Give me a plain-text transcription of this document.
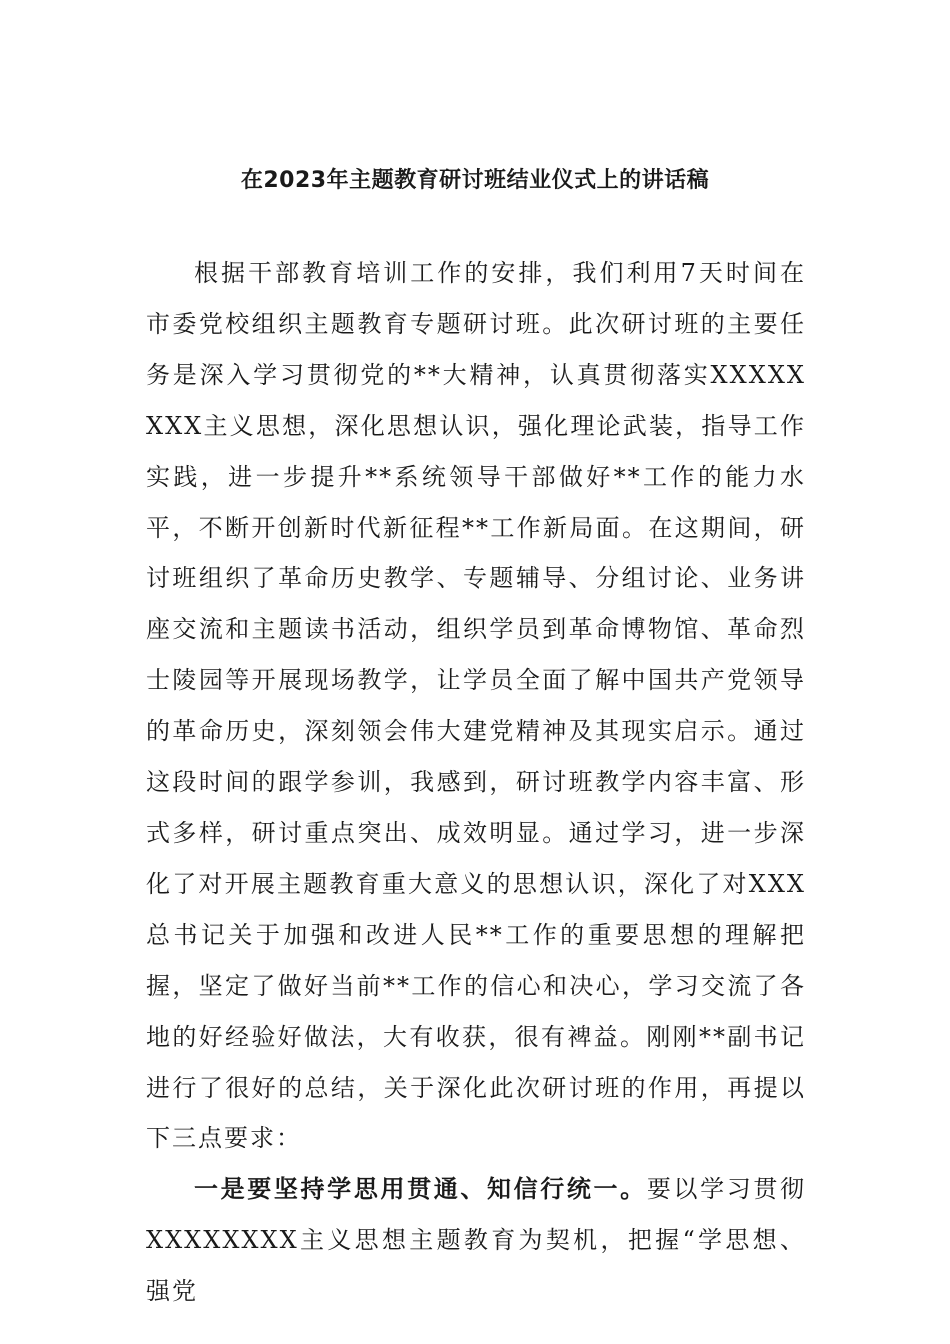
在2023年主题教育研讨班结业仪式上的讲话稿

根据干部教育培训工作的安排，我们利用7天时间在市委党校组织主题教育专题研讨班。此次研讨班的主要任务是深入学习贯彻党的**大精神，认真贯彻落实XXXXXXXX主义思想，深化思想认识，强化理论武装，指导工作实践，进一步提升**系统领导干部做好**工作的能力水平，不断开创新时代新征程**工作新局面。在这期间，研讨班组织了革命历史教学、专题辅导、分组讨论、业务讲座交流和主题读书活动，组织学员到革命博物馆、革命烈士陵园等开展现场教学，让学员全面了解中国共产党领导的革命历史，深刻领会伟大建党精神及其现实启示。通过这段时间的跟学参训，我感到，研讨班教学内容丰富、形式多样，研讨重点突出、成效明显。通过学习，进一步深化了对开展主题教育重大意义的思想认识，深化了对XXX总书记关于加强和改进人民**工作的重要思想的理解把握，坚定了做好当前**工作的信心和决心，学习交流了各地的好经验好做法，大有收获，很有裨益。刚刚**副书记进行了很好的总结，关于深化此次研讨班的作用，再提以下三点要求：

一是要坚持学思用贯通、知信行统一。要以学习贯彻XXXXXXXX主义思想主题教育为契机，把握“学思想、强党
